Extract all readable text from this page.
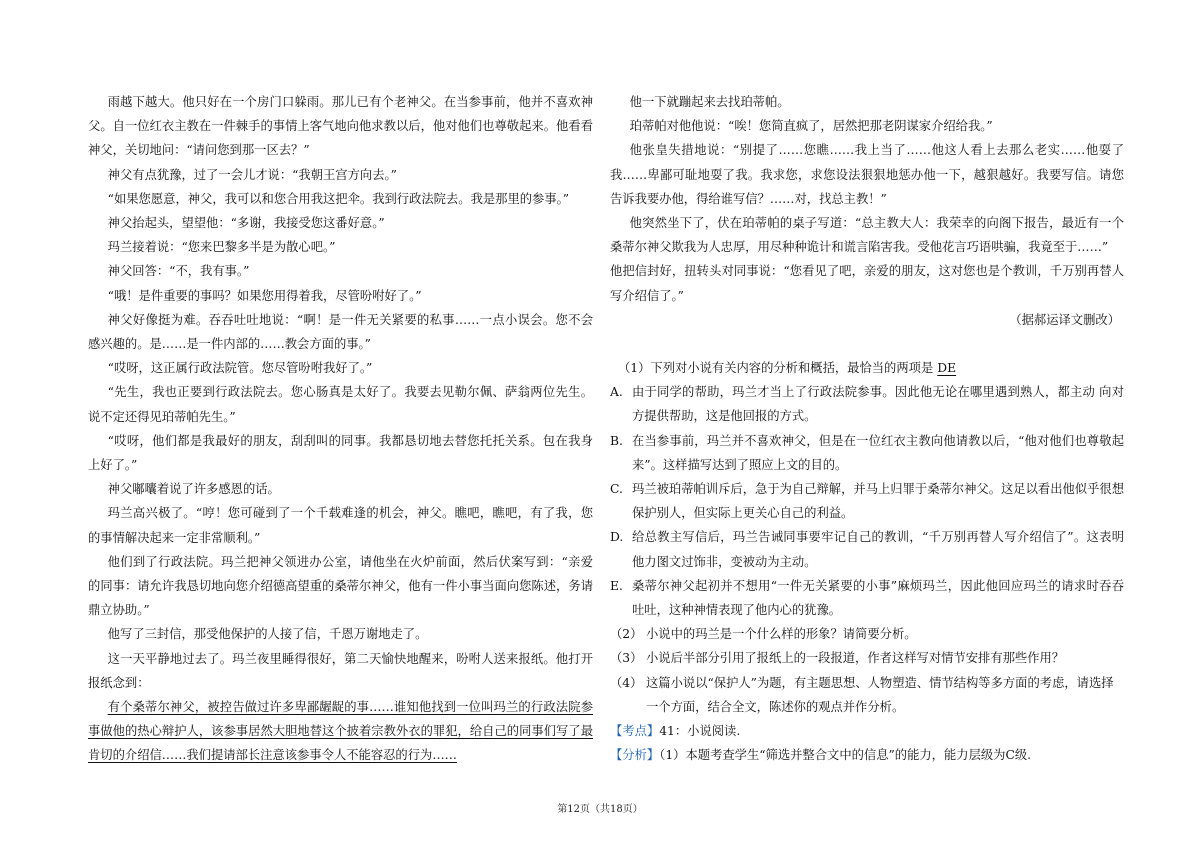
雨越下越大。他只好在一个房门口躲雨。那儿已有个老神父。在当参事前，他并不喜欢神父。自一位红衣主教在一件棘手的事情上客气地向他求教以后，他对他们也尊敬起来。他看看神父，关切地问：“请问您到那一区去？”

神父有点犹豫，过了一会儿才说：“我朝王宫方向去。”

“如果您愿意，神父，我可以和您合用我这把伞。我到行政法院去。我是那里的参事。”

神父抬起头，望望他：“多谢，我接受您这番好意。”

玛兰接着说：“您来巴黎多半是为散心吧。”

神父回答：“不，我有事。”

“哦！是件重要的事吗？如果您用得着我，尽管吩咐好了。”

神父好像挺为难。吞吞吐吐地说：“啊！是一件无关紧要的私事……一点小误会。您不会感兴趣的。是……是一件内部的……教会方面的事。”

“哎呀，这正属行政法院管。您尽管吩咐我好了。”

“先生，我也正要到行政法院去。您心肠真是太好了。我要去见勒尔佩、萨翁两位先生。说不定还得见珀蒂帕先生。”

“哎呀，他们都是我最好的朋友，刮刮叫的同事。我都恳切地去替您托托关系。包在我身上好了。”

神父嘟囔着说了许多感恩的话。

玛兰高兴极了。“哼！您可碰到了一个千载难逢的机会，神父。瞧吧，瞧吧，有了我，您的事情解决起来一定非常顺利。”

他们到了行政法院。玛兰把神父领进办公室，请他坐在火炉前面，然后伏案写到：“亲爱的同事：请允许我恳切地向您介绍德高望重的桑蒂尔神父，他有一件小事当面向您陈述，务请鼎立协助。”

他写了三封信，那受他保护的人接了信，千恩万谢地走了。

这一天平静地过去了。玛兰夜里睡得很好，第二天愉快地醒来，吩咐人送来报纸。他打开报纸念到：

有个桑蒂尔神父，被控告做过许多卑鄙龌龊的事……谁知他找到一位叫玛兰的行政法院参事做他的热心辩护人，该参事居然大胆地替这个披着宗教外衣的罪犯，给自己的同事们写了最肯切的介绍信……我们提请部长注意该参事令人不能容忍的行为……

他一下就蹦起来去找珀蒂帕。

珀蒂帕对他他说：“唉！您简直疯了，居然把那老阴谋家介绍给我。”

他张皇失措地说：“别提了……您瞧……我上当了……他这人看上去那么老实……他耍了我……卑鄙可耻地耍了我。我求您，求您设法狠狠地惩办他一下，越狠越好。我要写信。请您告诉我要办他，得给谁写信？……对，找总主教！”

他突然坐下了，伏在珀蒂帕的桌子写道：“总主教大人：我荣幸的向阁下报告，最近有一个桑蒂尔神父欺我为人忠厚，用尽种种诡计和谎言陷害我。受他花言巧语哄骗，我竟至于……”

他把信封好，扭转头对同事说：“您看见了吧，亲爱的朋友，这对您也是个教训，千万别再替人写介绍信了。”

（据郝运译文删改）

（1）下列对小说有关内容的分析和概括，最恰当的两项是 DE

A. 由于同学的帮助，玛兰才当上了行政法院参事。因此他无论在哪里遇到熟人，都主动 向对方提供帮助，这是他回报的方式。
B. 在当参事前，玛兰并不喜欢神父，但是在一位红衣主教向他请教以后，“他对他们也尊敬起来”。这样描写达到了照应上文的目的。
C. 玛兰被珀蒂帕训斥后，急于为自己辩解，并马上归罪于桑蒂尔神父。这足以看出他似乎很想保护别人，但实际上更关心自己的利益。
D. 给总教主写信后，玛兰告诫同事要牢记自己的教训，“千万别再替人写介绍信了”。这表明他力图文过饰非，变被动为主动。
E. 桑蒂尔神父起初并不想用“一件无关紧要的小事”麻烦玛兰，因此他回应玛兰的请求时吞吞吐吐，这种神情表现了他内心的犹豫。
（2） 小说中的玛兰是一个什么样的形象？请简要分析。
（3） 小说后半部分引用了报纸上的一段报道，作者这样写对情节安排有那些作用？
（4） 这篇小说以“保护人”为题，有主题思想、人物塑造、情节结构等多方面的考虑，请选择一个方面，结合全文，陈述你的观点并作分析。

【考点】41：小说阅读.

【分析】（1）本题考查学生“筛选并整合文中的信息”的能力，能力层级为C级.

第12页（共18页）
